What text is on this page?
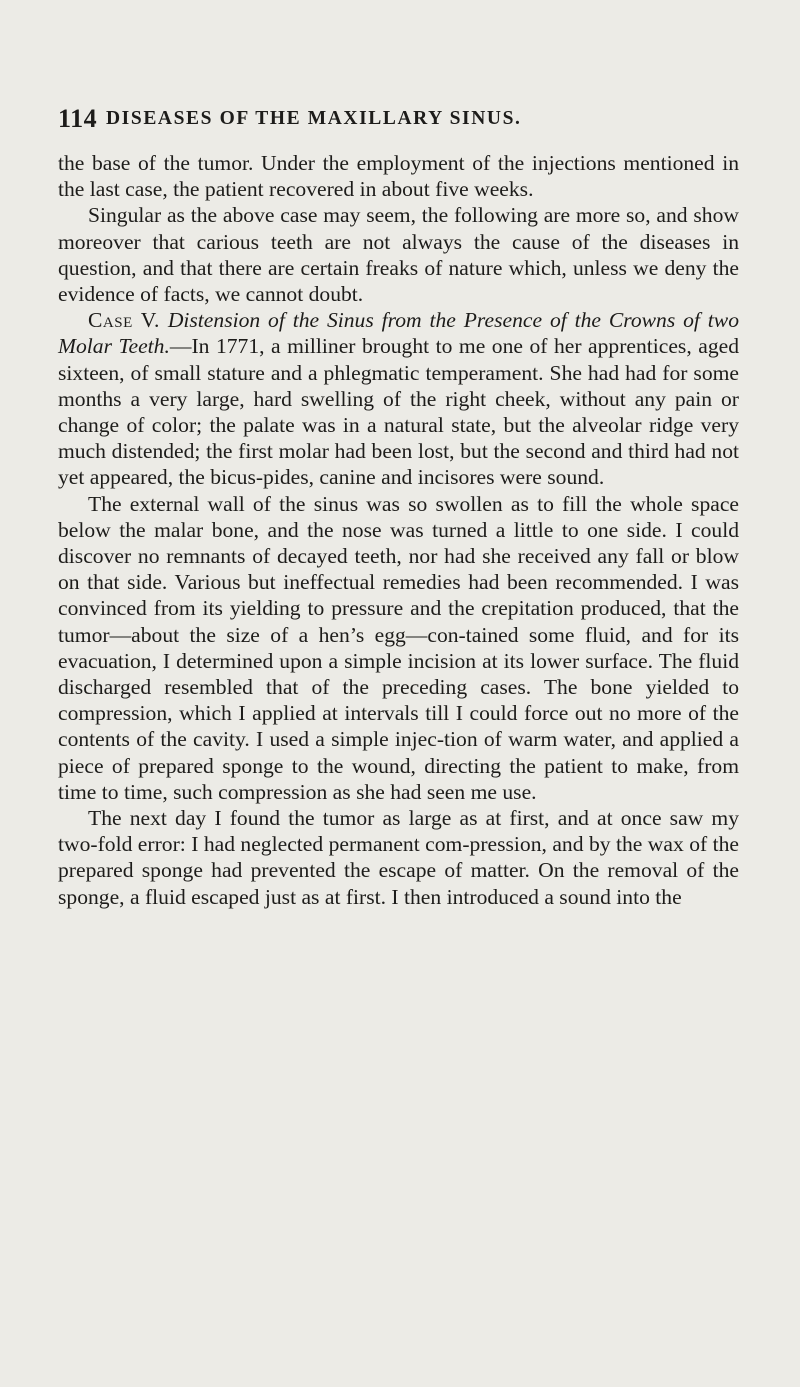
114 DISEASES OF THE MAXILLARY SINUS.

the base of the tumor. Under the employment of the injections mentioned in the last case, the patient recovered in about five weeks.

Singular as the above case may seem, the following are more so, and show moreover that carious teeth are not always the cause of the diseases in question, and that there are certain freaks of nature which, unless we deny the evidence of facts, we cannot doubt.

Case V. Distension of the Sinus from the Presence of the Crowns of two Molar Teeth.—In 1771, a milliner brought to me one of her apprentices, aged sixteen, of small stature and a phlegmatic temperament. She had had for some months a very large, hard swelling of the right cheek, without any pain or change of color; the palate was in a natural state, but the alveolar ridge very much distended; the first molar had been lost, but the second and third had not yet appeared, the bicus-pides, canine and incisores were sound.

The external wall of the sinus was so swollen as to fill the whole space below the malar bone, and the nose was turned a little to one side. I could discover no remnants of decayed teeth, nor had she received any fall or blow on that side. Various but ineffectual remedies had been recommended. I was convinced from its yielding to pressure and the crepitation produced, that the tumor—about the size of a hen’s egg—con-tained some fluid, and for its evacuation, I determined upon a simple incision at its lower surface. The fluid discharged resembled that of the preceding cases. The bone yielded to compression, which I applied at intervals till I could force out no more of the contents of the cavity. I used a simple injec-tion of warm water, and applied a piece of prepared sponge to the wound, directing the patient to make, from time to time, such compression as she had seen me use.

The next day I found the tumor as large as at first, and at once saw my two-fold error: I had neglected permanent com-pression, and by the wax of the prepared sponge had prevented the escape of matter. On the removal of the sponge, a fluid escaped just as at first. I then introduced a sound into the
